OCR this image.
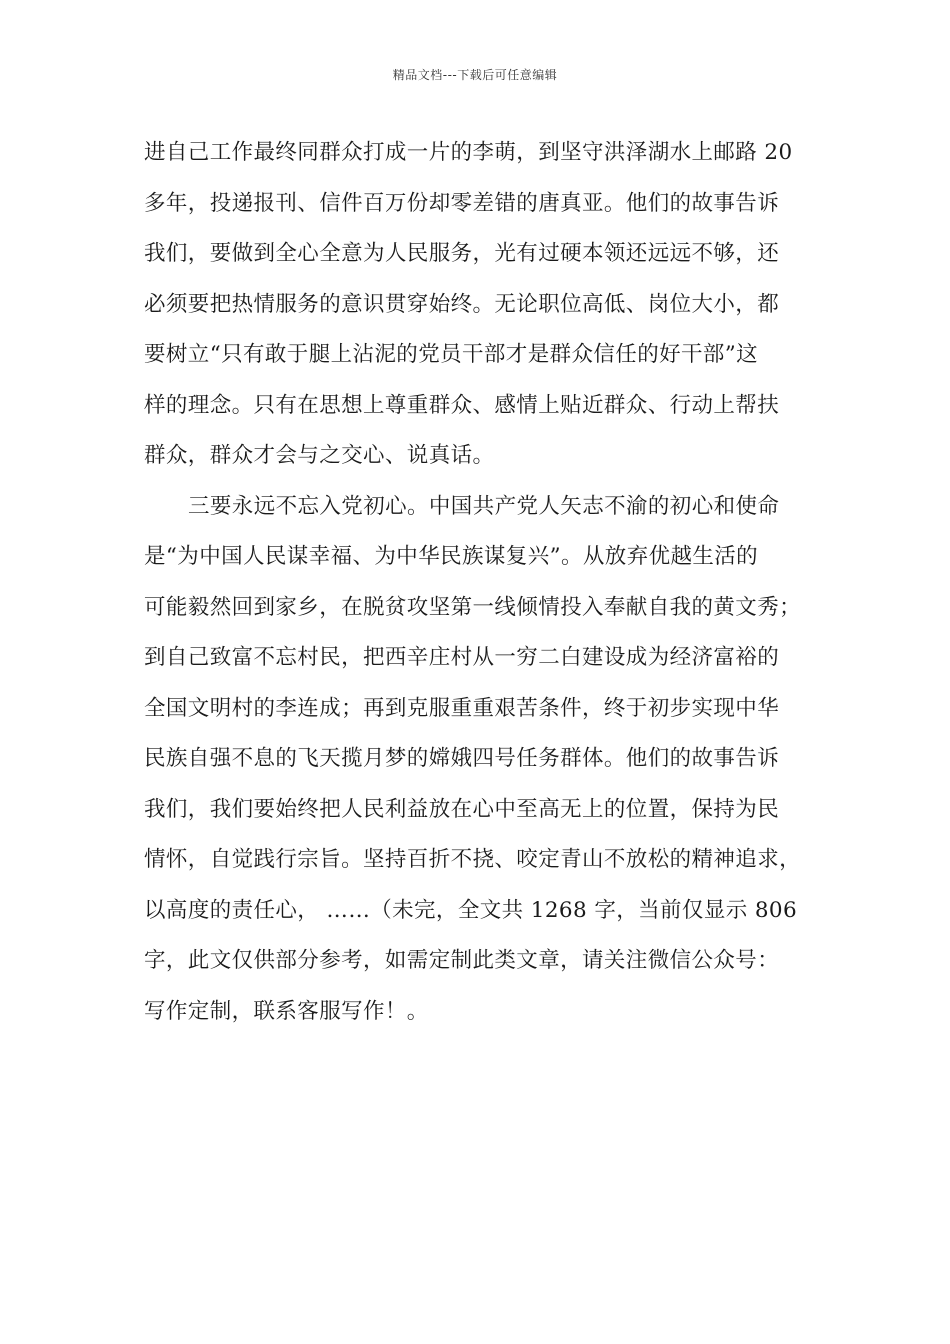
精品文档---下载后可任意编辑
进自己工作最终同群众打成一片的李萌，到坚守洪泽湖水上邮路 20
多年，投递报刊、信件百万份却零差错的唐真亚。他们的故事告诉
我们，要做到全心全意为人民服务，光有过硬本领还远远不够，还
必须要把热情服务的意识贯穿始终。无论职位高低、岗位大小，都
要树立“只有敢于腿上沾泥的党员干部才是群众信任的好干部”这
样的理念。只有在思想上尊重群众、感情上贴近群众、行动上帮扶
群众，群众才会与之交心、说真话。
三要永远不忘入党初心。中国共产党人矢志不渝的初心和使命
是“为中国人民谋幸福、为中华民族谋复兴”。从放弃优越生活的
可能毅然回到家乡，在脱贫攻坚第一线倾情投入奉献自我的黄文秀；
到自己致富不忘村民，把西辛庄村从一穷二白建设成为经济富裕的
全国文明村的李连成；再到克服重重艰苦条件，终于初步实现中华
民族自强不息的飞天揽月梦的嫦娥四号任务群体。他们的故事告诉
我们，我们要始终把人民利益放在心中至高无上的位置，保持为民
情怀，自觉践行宗旨。坚持百折不挠、咬定青山不放松的精神追求，
以高度的责任心， ……（未完，全文共 1268 字，当前仅显示 806
字，此文仅供部分参考，如需定制此类文章，请关注微信公众号：
写作定制，联系客服写作！。
